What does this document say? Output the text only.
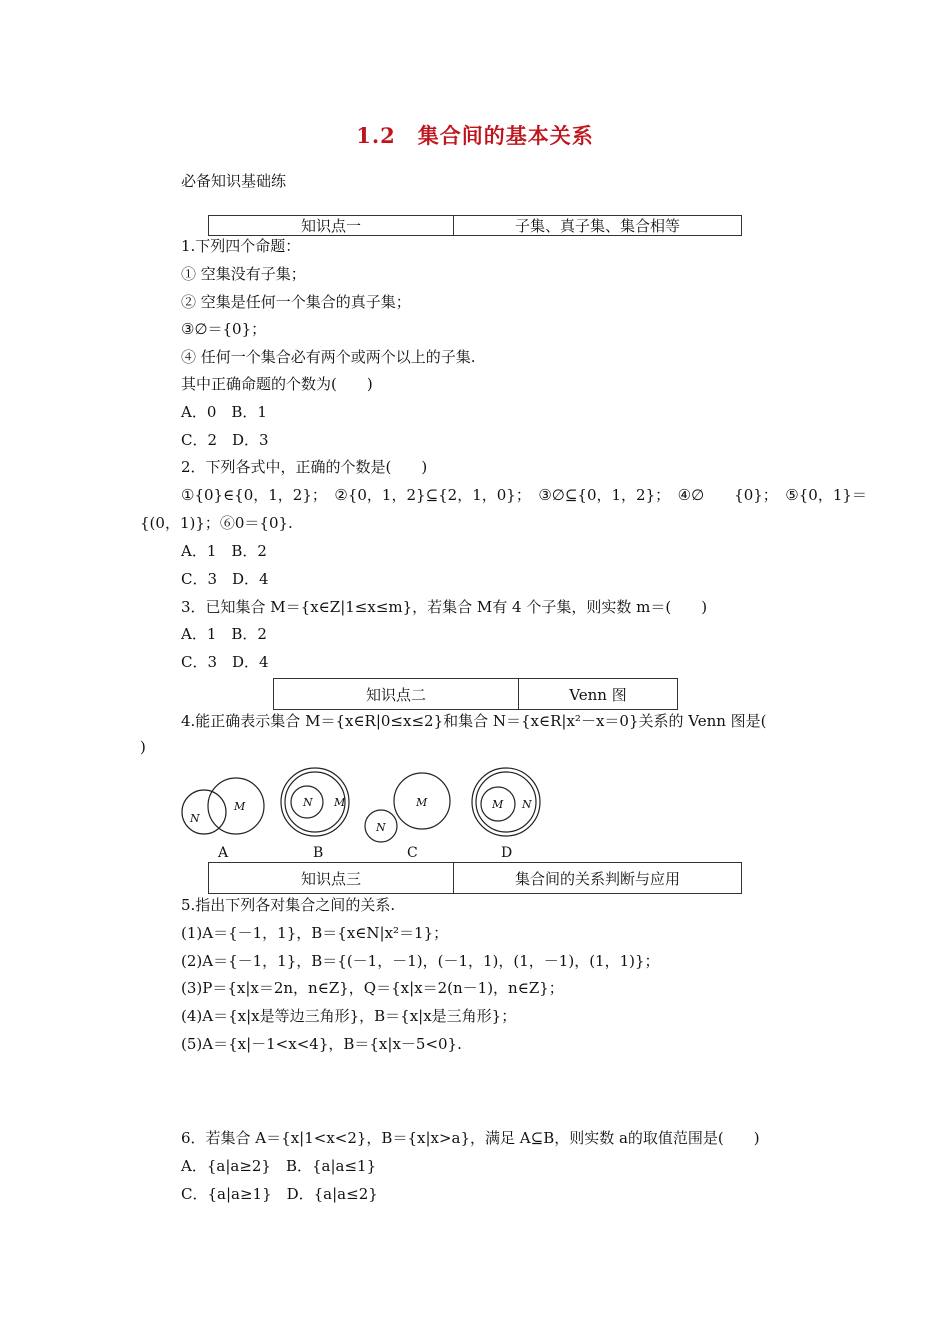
1.2　集合间的基本关系
必备知识基础练
知识点一	子集、真子集、集合相等
1.下列四个命题：
① 空集没有子集；
② 空集是任何一个集合的真子集；
③∅＝{0}；
④ 任何一个集合必有两个或两个以上的子集.
其中正确命题的个数为(　　)
A．0　B．1
C．2　D．3
2．下列各式中，正确的个数是(　　)
①{0}∈{0，1，2}；　②{0，1，2}⊆{2，1，0}；　③∅⊆{0，1，2}；　④∅　　{0}；　⑤{0，1}＝
{(0，1)}；⑥0＝{0}.
A．1　B．2
C．3　D．4
3．已知集合 M＝{x∈Z|1≤x≤m}，若集合 M有 4 个子集，则实数 m＝(　　)
A．1　B．2
C．3　D．4
知识点二	Venn 图
4.能正确表示集合 M＝{x∈R|0≤x≤2}和集合 N＝{x∈R|x²－x＝0}关系的 Venn 图是(
)
M
N
N M	M
N
M N
A	B	C	D
知识点三	集合间的关系判断与应用
5.指出下列各对集合之间的关系.
(1)A＝{－1，1}，B＝{x∈N|x²＝1}；
(2)A＝{－1，1}，B＝{(－1，－1)，(－1，1)，(1，－1)，(1，1)}；
(3)P＝{x|x＝2n，n∈Z}，Q＝{x|x＝2(n－1)，n∈Z}；
(4)A＝{x|x是等边三角形}，B＝{x|x是三角形}；
(5)A＝{x|－1<x<4}，B＝{x|x－5<0}.
6．若集合 A＝{x|1<x<2}，B＝{x|x>a}，满足 A⊆B，则实数 a的取值范围是(　　)
A．{a|a≥2}　B．{a|a≤1}
C．{a|a≥1}　D．{a|a≤2}
